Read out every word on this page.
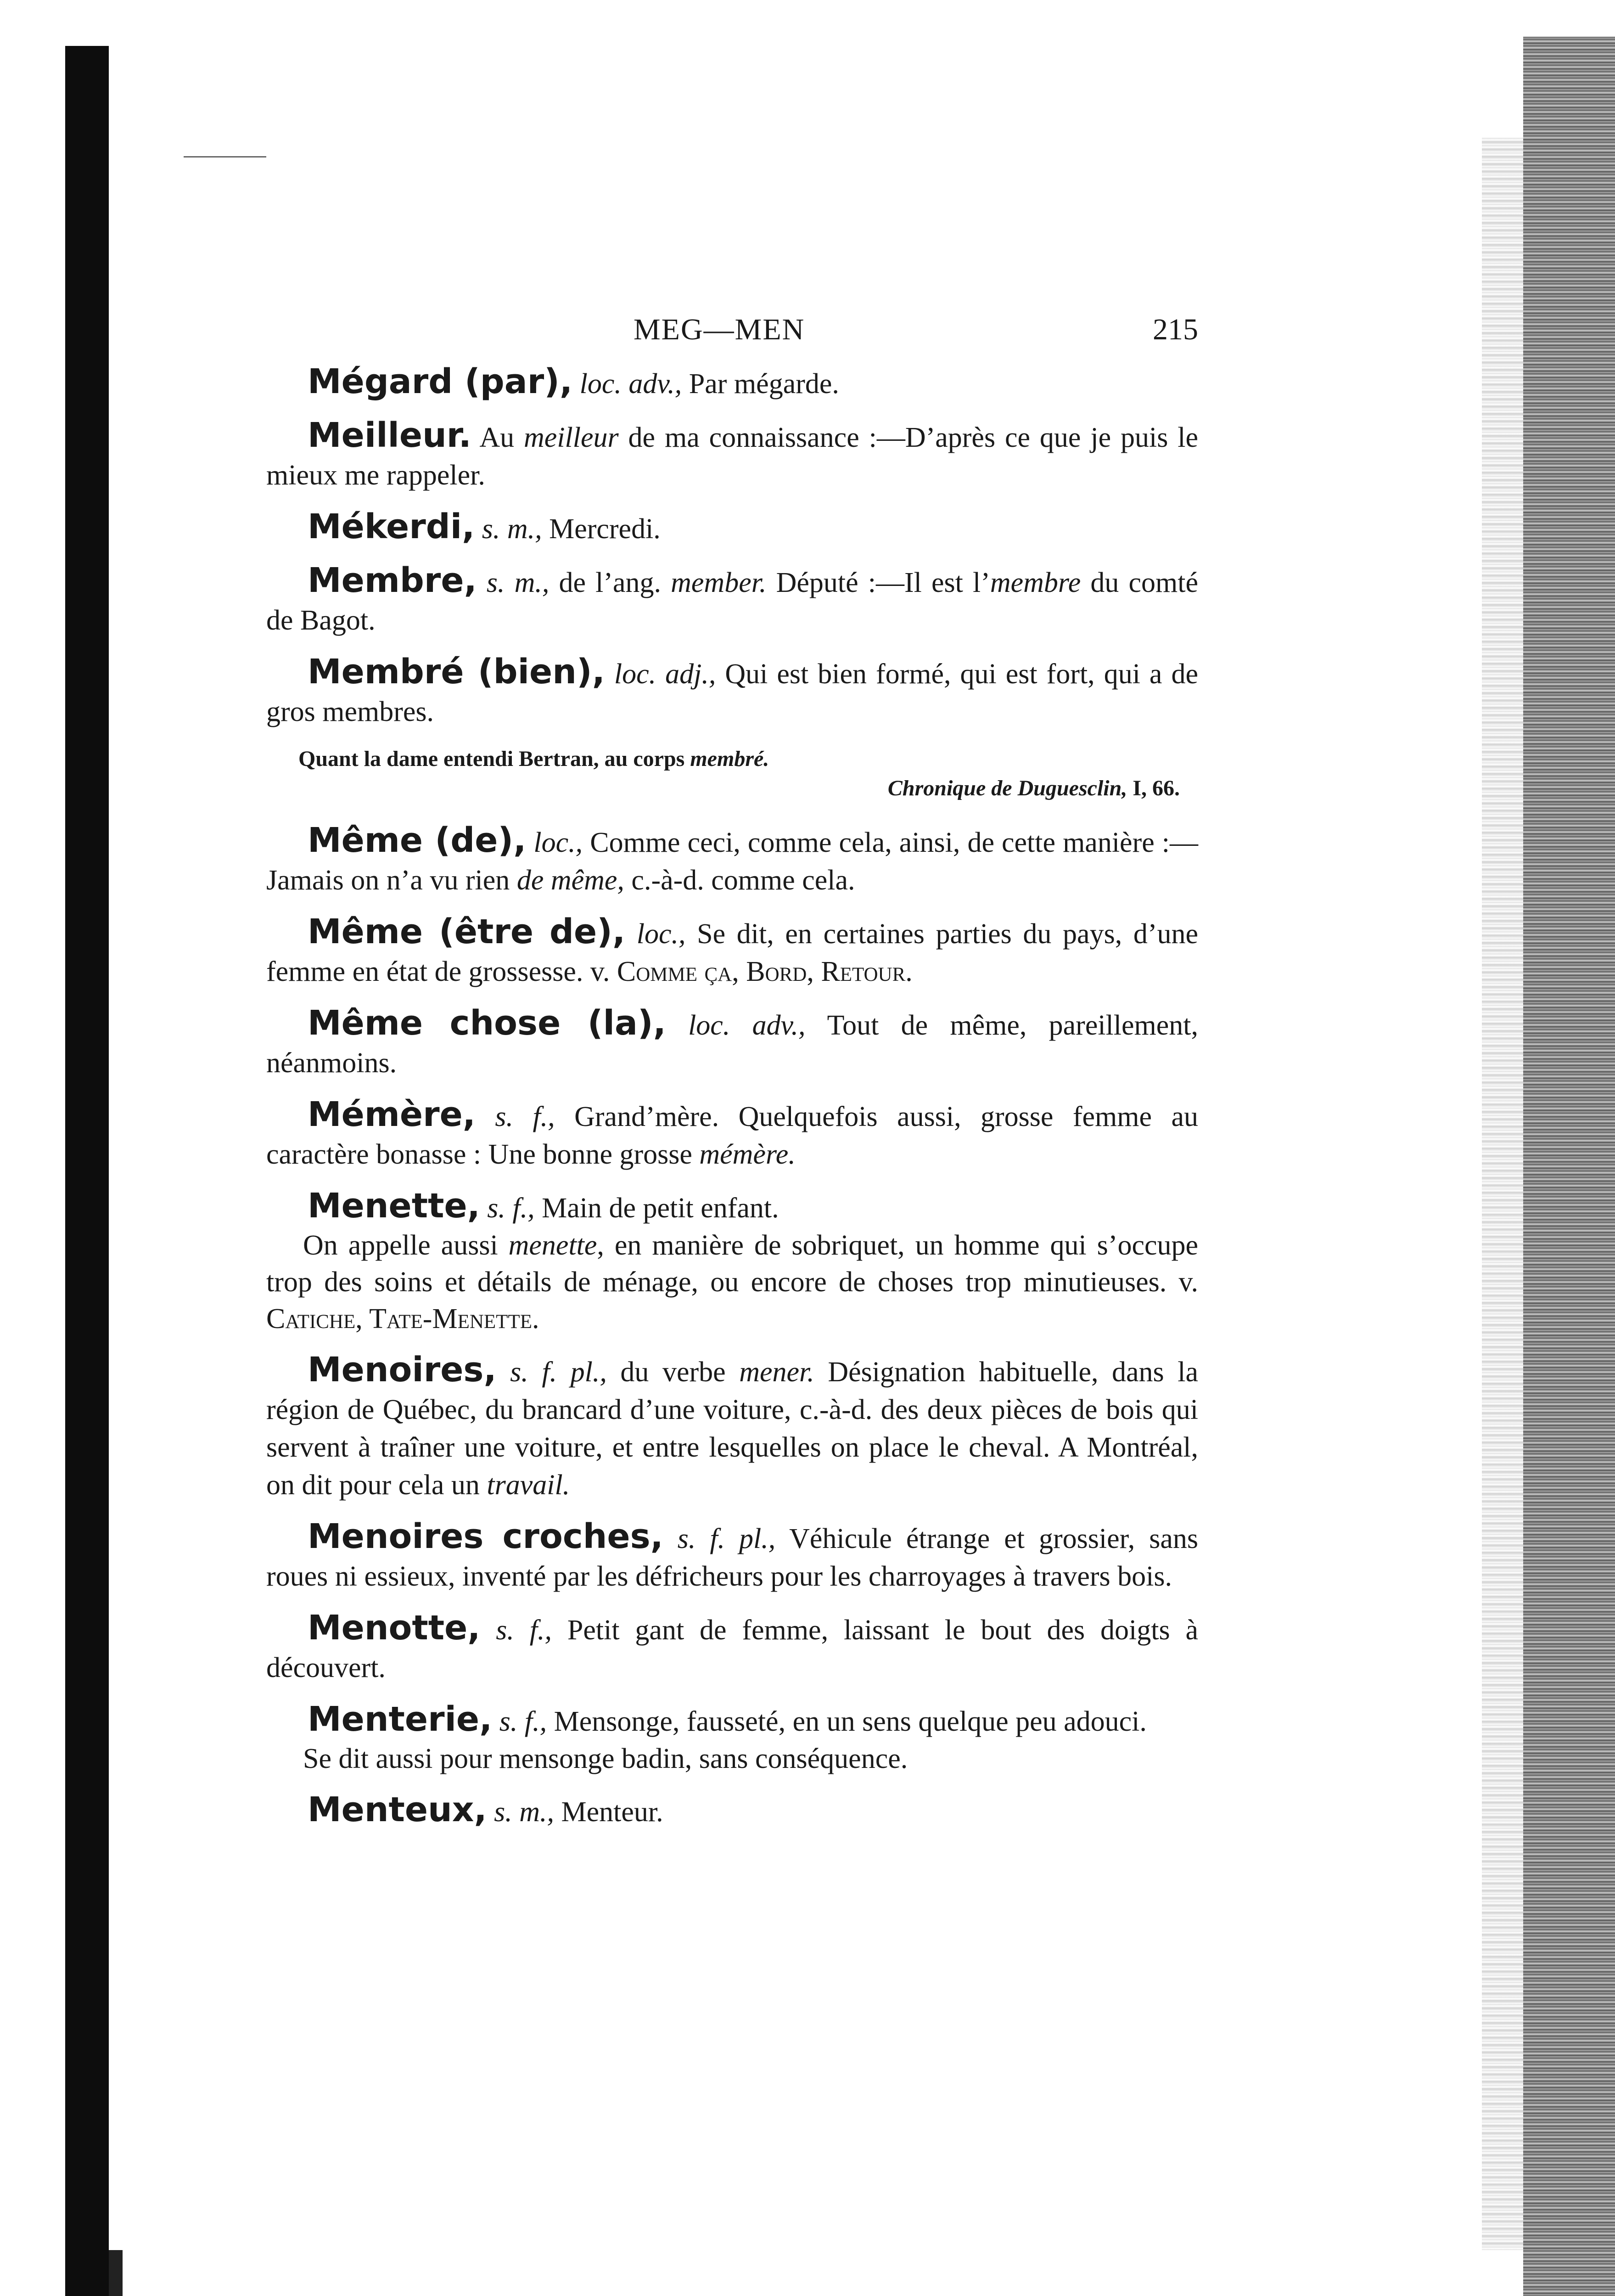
MEG—MEN	215

Mégard (par), loc. adv., Par mégarde.

Meilleur. Au meilleur de ma connaissance :—D’après ce que je puis le mieux me rappeler.

Mékerdi, s. m., Mercredi.

Membre, s. m., de l’ang. member. Député :—Il est l’membre du comté de Bagot.

Membré (bien), loc. adj., Qui est bien formé, qui est fort, qui a de gros membres.

Quant la dame entendi Bertran, au corps membré.
Chronique de Duguesclin, I, 66.

Même (de), loc., Comme ceci, comme cela, ainsi, de cette manière :—Jamais on n’a vu rien de même, c.-à-d. comme cela.

Même (être de), loc., Se dit, en certaines parties du pays, d’une femme en état de grossesse. v. Comme ça, Bord, Retour.

Même chose (la), loc. adv., Tout de même, pareillement, néanmoins.

Mémère, s. f., Grand’mère. Quelquefois aussi, grosse femme au caractère bonasse : Une bonne grosse mémère.

Menette, s. f., Main de petit enfant.

On appelle aussi menette, en manière de sobriquet, un homme qui s’occupe trop des soins et détails de ménage, ou encore de choses trop minutieuses. v. Catiche, Tate-Menette.

Menoires, s. f. pl., du verbe mener. Désignation habituelle, dans la région de Québec, du brancard d’une voiture, c.-à-d. des deux pièces de bois qui servent à traîner une voiture, et entre lesquelles on place le cheval. A Montréal, on dit pour cela un travail.

Menoires croches, s. f. pl., Véhicule étrange et grossier, sans roues ni essieux, inventé par les défricheurs pour les charroyages à travers bois.

Menotte, s. f., Petit gant de femme, laissant le bout des doigts à découvert.

Menterie, s. f., Mensonge, fausseté, en un sens quelque peu adouci.

Se dit aussi pour mensonge badin, sans conséquence.

Menteux, s. m., Menteur.
